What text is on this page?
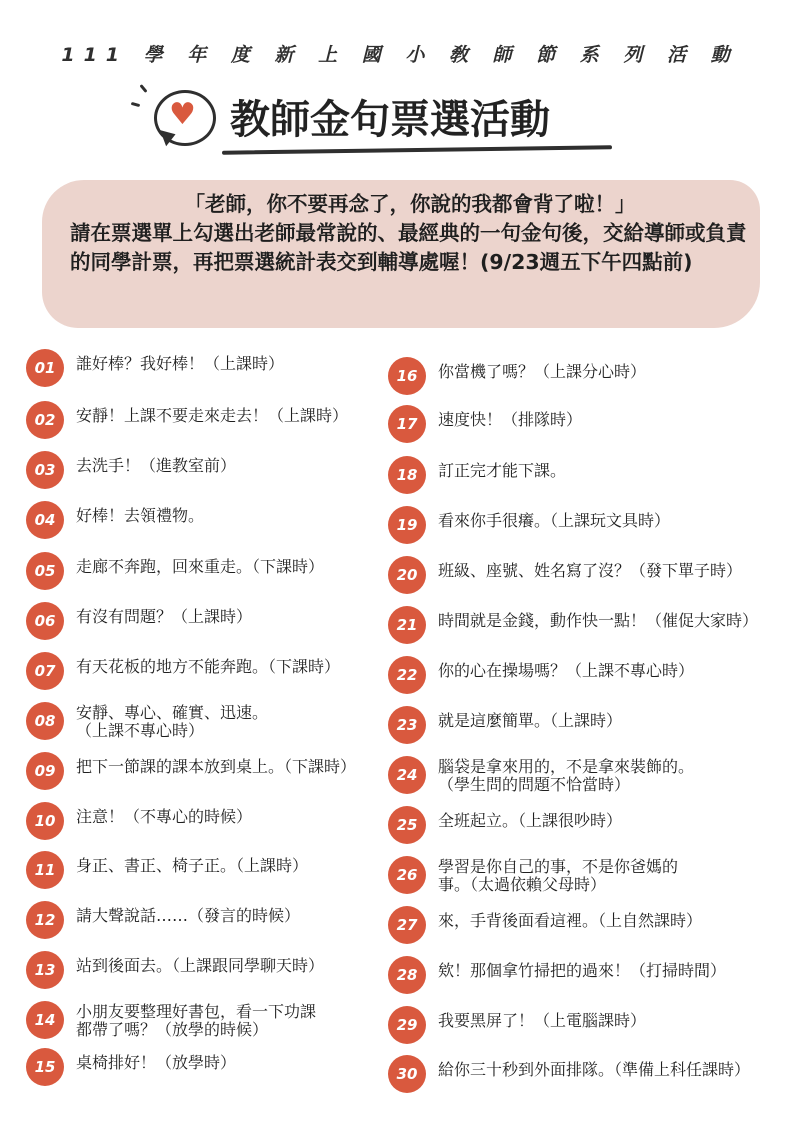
111 學 年 度 新 上 國 小 敎 師 節 系 列 活 動
♥ 教師金句票選活動
「老師，你不要再念了，你說的我都會背了啦！」
請在票選單上勾選出老師最常說的、最經典的一句金句後，交給導師或負責的同學計票，再把票選統計表交到輔導處喔！(9/23週五下午四點前)
01	誰好棒？我好棒！（上課時）
02	安靜！上課不要走來走去！（上課時）
03	去洗手！（進教室前）
04	好棒！去領禮物。
05	走廊不奔跑，回來重走。（下課時）
06	有沒有問題？（上課時）
07	有天花板的地方不能奔跑。（下課時）
08	安靜、專心、確實、迅速。
（上課不專心時）
09	把下一節課的課本放到桌上。（下課時）
10	注意！（不專心的時候）
11	身正、書正、椅子正。（上課時）
12	請大聲說話……（發言的時候）
13	站到後面去。（上課跟同學聊天時）
14	小朋友要整理好書包，看一下功課
都帶了嗎？（放學的時候）
15	桌椅排好！（放學時）
16	你當機了嗎？（上課分心時）
17	速度快！（排隊時）
18	訂正完才能下課。
19	看來你手很癢。（上課玩文具時）
20	班級、座號、姓名寫了沒？（發下單子時）
21	時間就是金錢，動作快一點！（催促大家時）
22	你的心在操場嗎？（上課不專心時）
23	就是這麼簡單。（上課時）
24	腦袋是拿來用的，不是拿來裝飾的。
（學生問的問題不恰當時）
25	全班起立。（上課很吵時）
26	學習是你自己的事，不是你爸媽的
事。（太過依賴父母時）
27	來，手背後面看這裡。（上自然課時）
28	欸！那個拿竹掃把的過來！（打掃時間）
29	我要黑屏了！（上電腦課時）
30	給你三十秒到外面排隊。（準備上科任課時）
